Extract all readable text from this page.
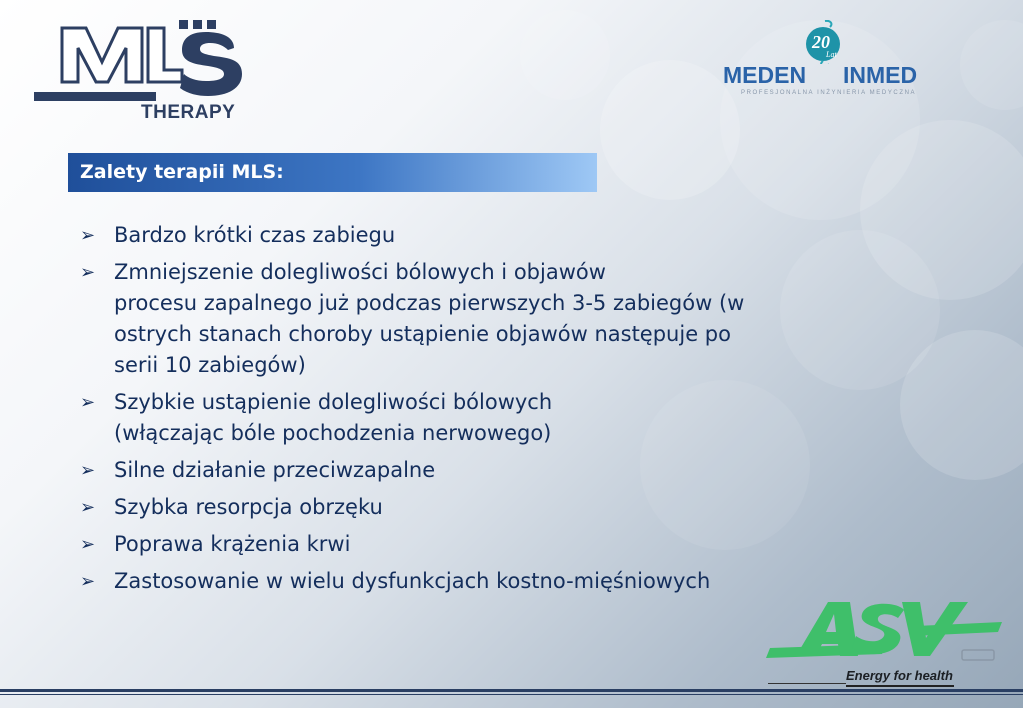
THERAPY
20
Lat
MEDEN INMED
PROFESJONALNA INŻYNIERIA MEDYCZNA
Zalety terapii MLS:
➢ Bardzo krótki czas zabiegu
➢ Zmniejszenie dolegliwości bólowych i objawów
procesu zapalnego już podczas pierwszych 3-5 zabiegów (w
ostrych stanach choroby ustąpienie objawów następuje po
serii 10 zabiegów)
➢ Szybkie ustąpienie dolegliwości bólowych
(włączając bóle pochodzenia nerwowego)
➢ Silne działanie przeciwzapalne
➢ Szybka resorpcja obrzęku
➢ Poprawa krążenia krwi
➢ Zastosowanie w wielu dysfunkcjach kostno-mięśniowych
Energy for health
